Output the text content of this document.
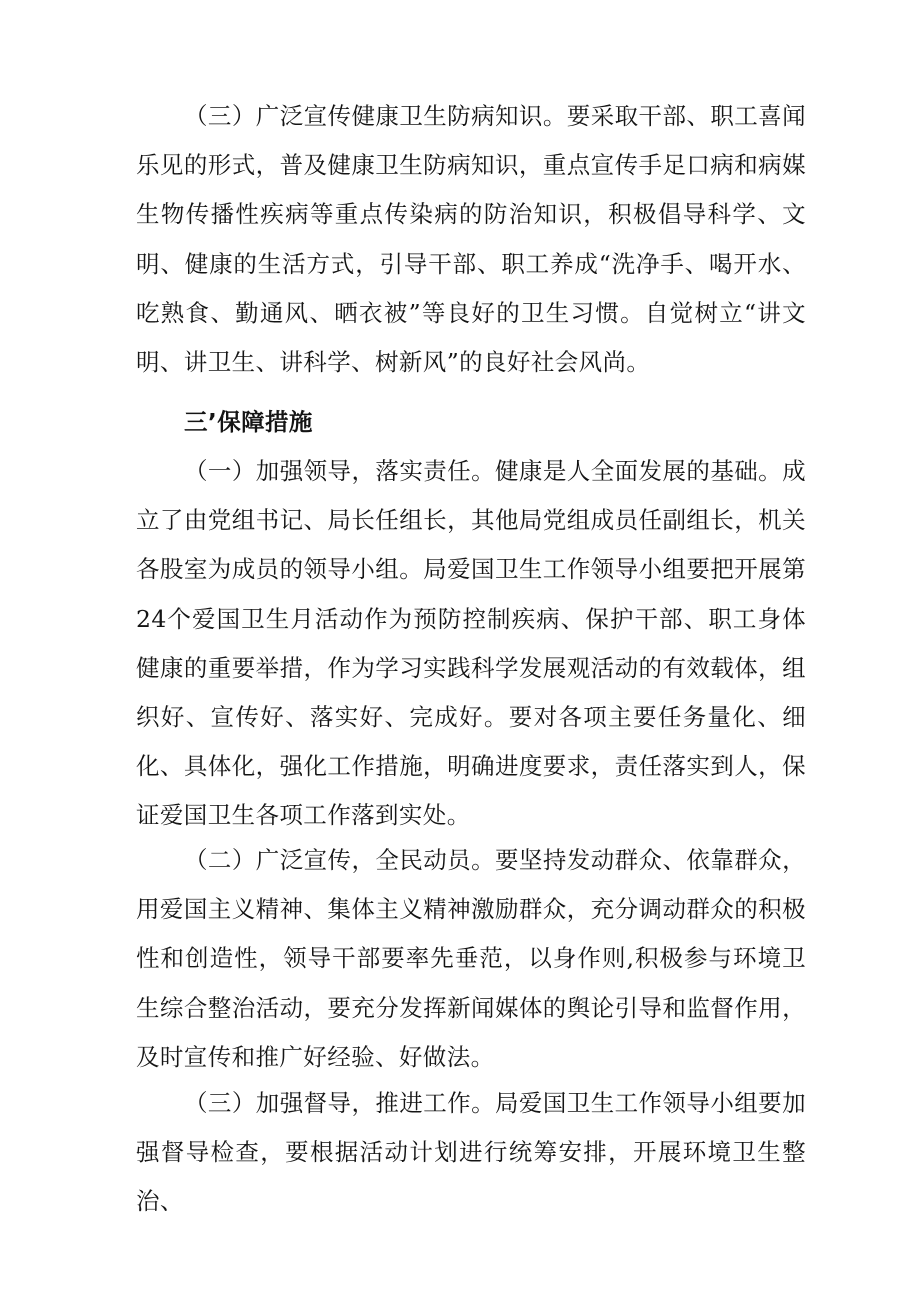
（三）广泛宣传健康卫生防病知识。要采取干部、职工喜闻乐见的形式，普及健康卫生防病知识，重点宣传手足口病和病媒生物传播性疾病等重点传染病的防治知识，积极倡导科学、文明、健康的生活方式，引导干部、职工养成“洗净手、喝开水、吃熟食、勤通风、晒衣被”等良好的卫生习惯。自觉树立“讲文明、讲卫生、讲科学、树新风”的良好社会风尚。

三’保障措施

（一）加强领导，落实责任。健康是人全面发展的基础。成立了由党组书记、局长任组长，其他局党组成员任副组长，机关各股室为成员的领导小组。局爱国卫生工作领导小组要把开展第24个爱国卫生月活动作为预防控制疾病、保护干部、职工身体健康的重要举措，作为学习实践科学发展观活动的有效载体，组织好、宣传好、落实好、完成好。要对各项主要任务量化、细化、具体化，强化工作措施，明确进度要求，责任落实到人，保证爱国卫生各项工作落到实处。

（二）广泛宣传，全民动员。要坚持发动群众、依靠群众，用爱国主义精神、集体主义精神激励群众，充分调动群众的积极性和创造性，领导干部要率先垂范，以身作则,积极参与环境卫生综合整治活动，要充分发挥新闻媒体的舆论引导和监督作用，及时宣传和推广好经验、好做法。

（三）加强督导，推进工作。局爱国卫生工作领导小组要加强督导检查，要根据活动计划进行统筹安排，开展环境卫生整治、
